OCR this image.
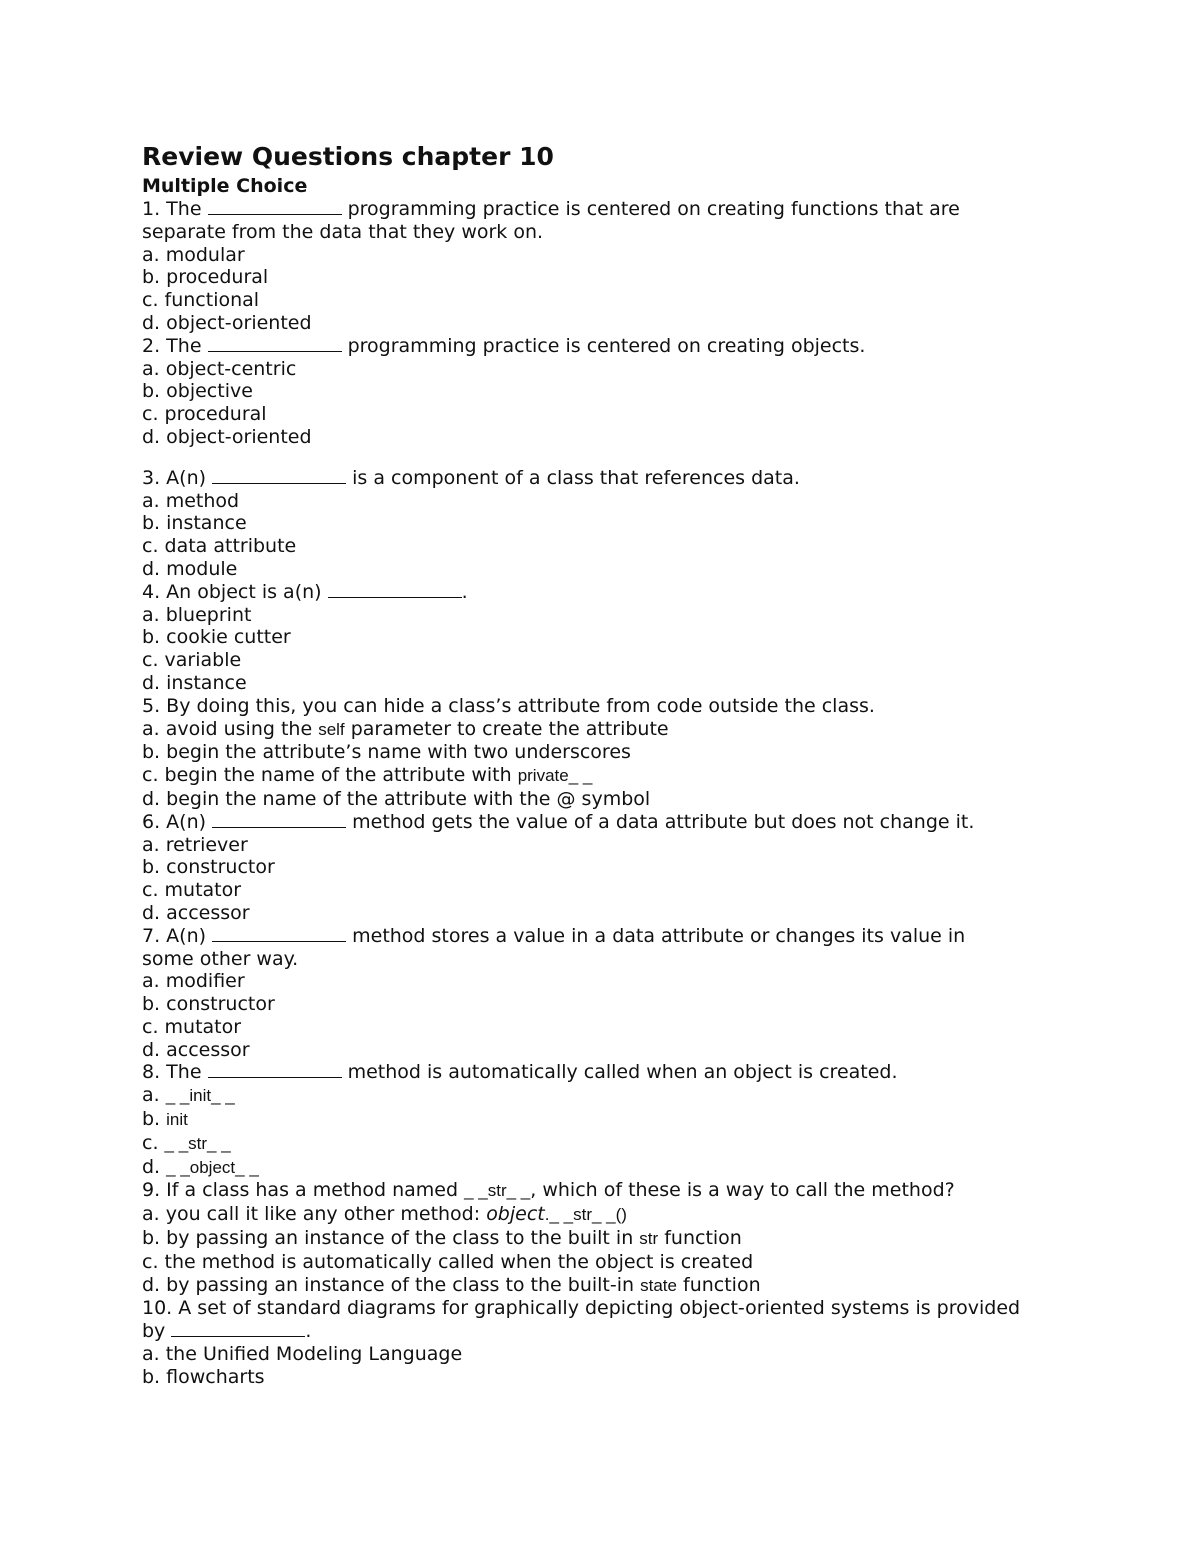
Review Questions chapter 10

Multiple Choice

1. The	programming practice is centered on creating functions that are separate from the data that they work on.

a. modular

b. procedural

c. functional

d. object-oriented

2. The	programming practice is centered on creating objects.

a. object-centric

b. objective

c. procedural

d. object-oriented

3. A(n)	is a component of a class that references data.

a. method

b. instance

c. data attribute

d. module

4. An object is a(n)	.

a. blueprint

b. cookie cutter

c. variable

d. instance

5. By doing this, you can hide a class’s attribute from code outside the class.

a. avoid using the self parameter to create the attribute

b. begin the attribute’s name with two underscores

c. begin the name of the attribute with private_ _

d. begin the name of the attribute with the @ symbol

6. A(n)	method gets the value of a data attribute but does not change it.

a. retriever

b. constructor

c. mutator

d. accessor

7. A(n)	method stores a value in a data attribute or changes its value in some other way.

a. modifier

b. constructor

c. mutator

d. accessor

8. The	method is automatically called when an object is created.

a. _ _init_ _

b. init

c. _ _str_ _

d. _ _object_ _

9. If a class has a method named _ _str_ _, which of these is a way to call the method?

a. you call it like any other method: object._ _str_ _()

b. by passing an instance of the class to the built in str function

c. the method is automatically called when the object is created

d. by passing an instance of the class to the built-in state function

10. A set of standard diagrams for graphically depicting object-oriented systems is provided

by	.

a. the Unified Modeling Language

b. flowcharts
